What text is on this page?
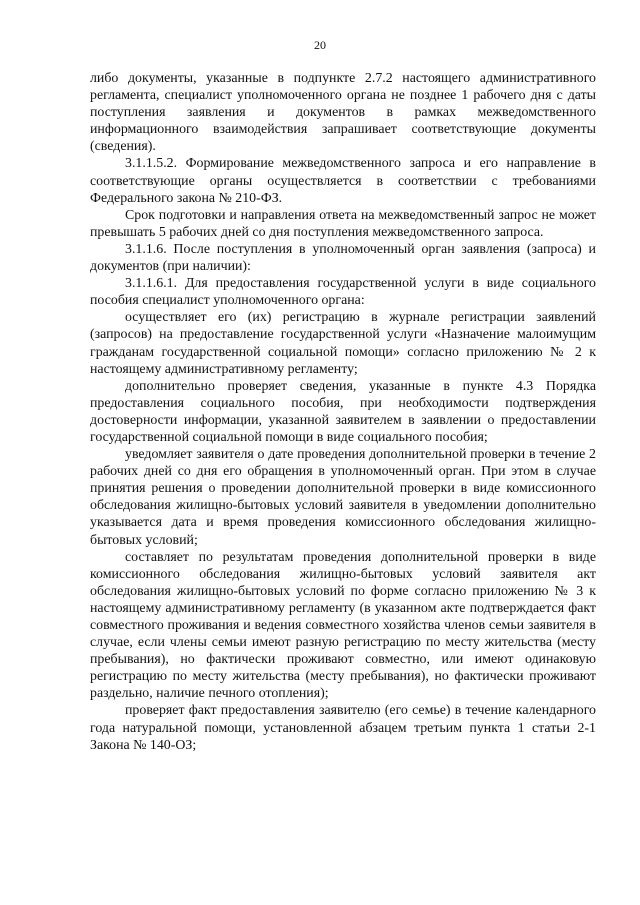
20

либо документы, указанные в подпункте 2.7.2 настоящего административного регламента, специалист уполномоченного органа не позднее 1 рабочего дня с даты поступления заявления и документов в рамках межведомственного информационного взаимодействия запрашивает соответствующие документы (сведения).

3.1.1.5.2. Формирование межведомственного запроса и его направление в соответствующие органы осуществляется в соответствии с требованиями Федерального закона № 210-ФЗ.

Срок подготовки и направления ответа на межведомственный запрос не может превышать 5 рабочих дней со дня поступления межведомственного запроса.

3.1.1.6. После поступления в уполномоченный орган заявления (запроса) и документов (при наличии):

3.1.1.6.1. Для предоставления государственной услуги в виде социального пособия специалист уполномоченного органа:

осуществляет его (их) регистрацию в журнале регистрации заявлений (запросов) на предоставление государственной услуги «Назначение малоимущим гражданам государственной социальной помощи» согласно приложению № 2 к настоящему административному регламенту;

дополнительно проверяет сведения, указанные в пункте 4.3 Порядка предоставления социального пособия, при необходимости подтверждения достоверности информации, указанной заявителем в заявлении о предоставлении государственной социальной помощи в виде социального пособия;

уведомляет заявителя о дате проведения дополнительной проверки в течение 2 рабочих дней со дня его обращения в уполномоченный орган. При этом в случае принятия решения о проведении дополнительной проверки в виде комиссионного обследования жилищно-бытовых условий заявителя в уведомлении дополнительно указывается дата и время проведения комиссионного обследования жилищно-бытовых условий;

составляет по результатам проведения дополнительной проверки в виде комиссионного обследования жилищно-бытовых условий заявителя акт обследования жилищно-бытовых условий по форме согласно приложению № 3 к настоящему административному регламенту (в указанном акте подтверждается факт совместного проживания и ведения совместного хозяйства членов семьи заявителя в случае, если члены семьи имеют разную регистрацию по месту жительства (месту пребывания), но фактически проживают совместно, или имеют одинаковую регистрацию по месту жительства (месту пребывания), но фактически проживают раздельно, наличие печного отопления);

проверяет факт предоставления заявителю (его семье) в течение календарного года натуральной помощи, установленной абзацем третьим пункта 1 статьи 2-1 Закона № 140-ОЗ;
